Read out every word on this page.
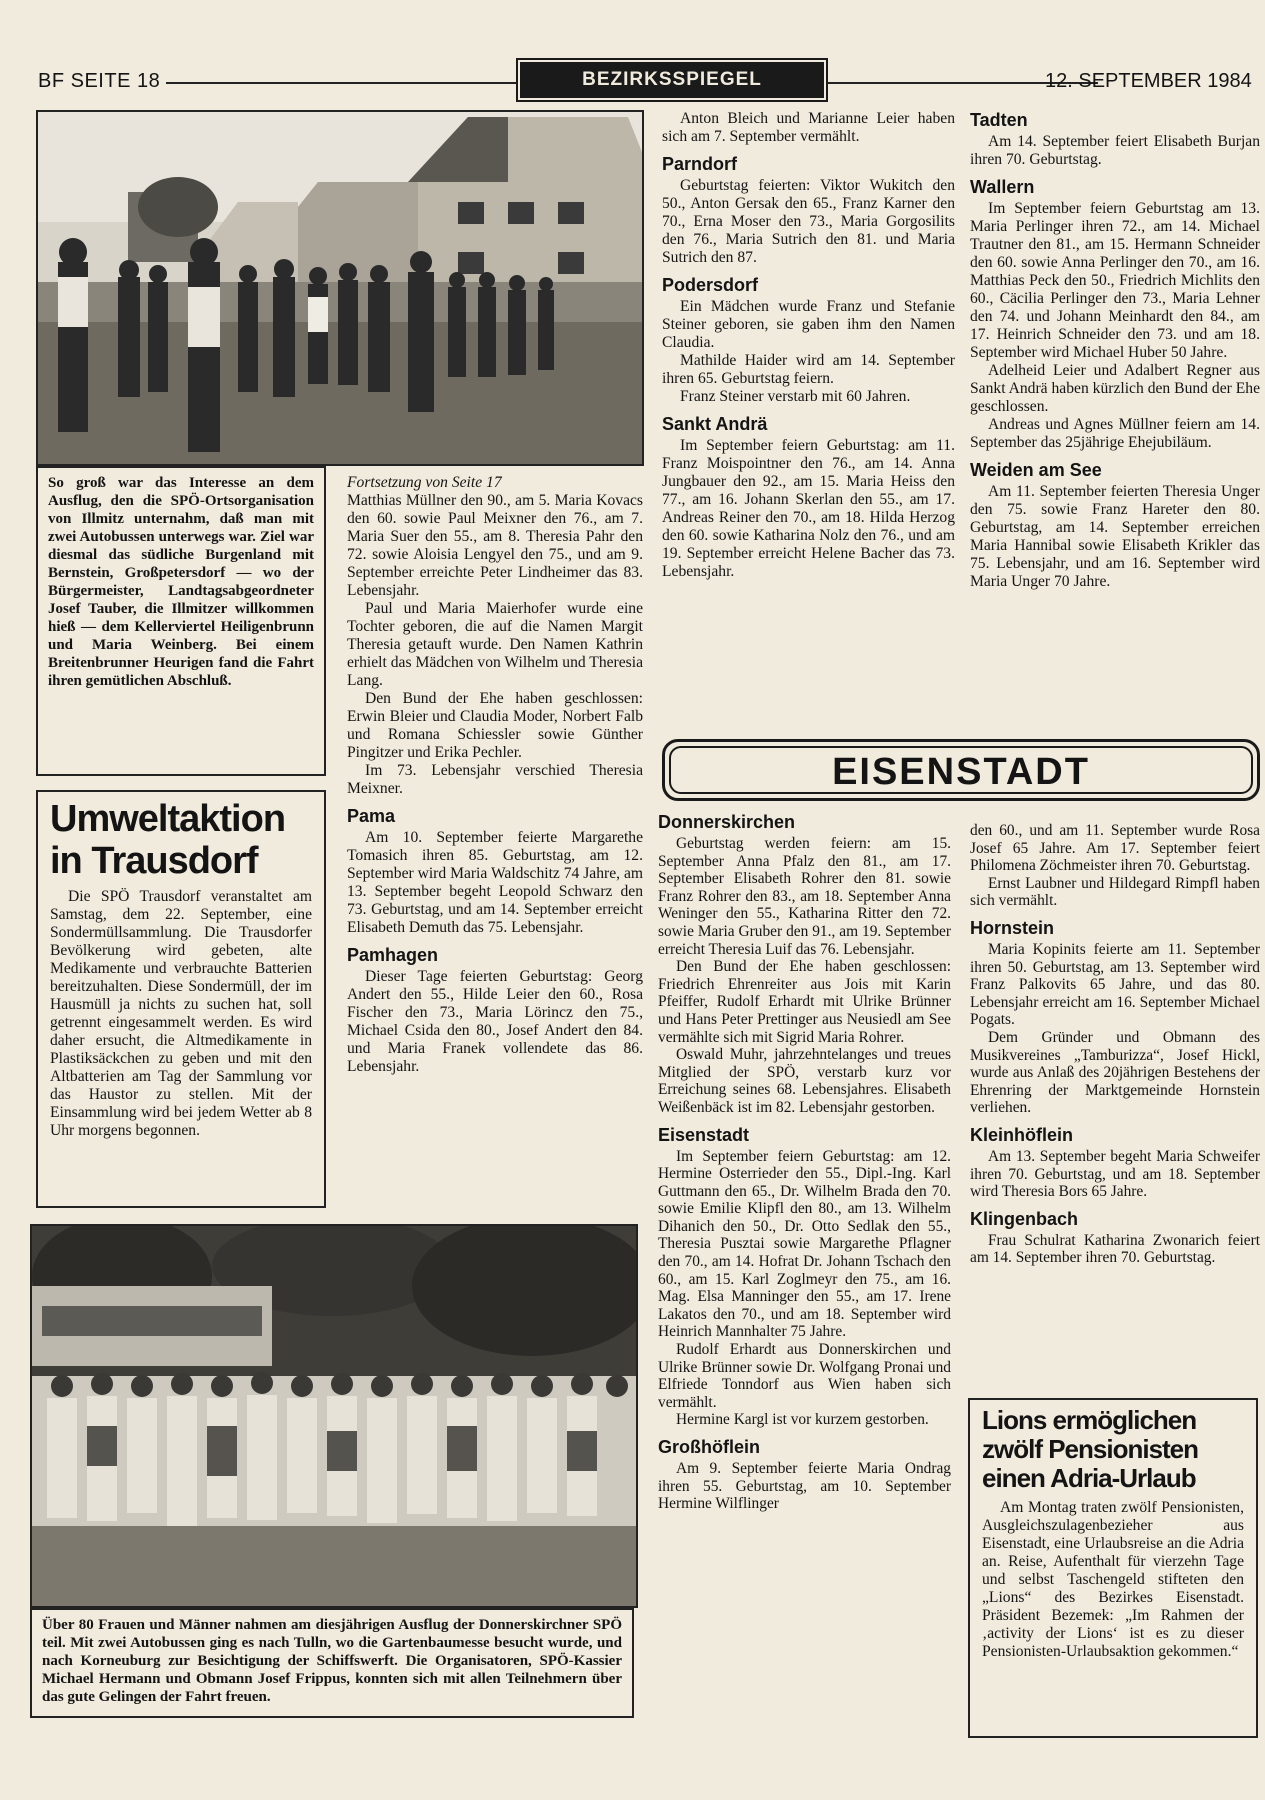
BF SEITE 18	BEZIRKSSPIEGEL	12. SEPTEMBER 1984
So groß war das Interesse an dem Ausflug, den die SPÖ-Ortsorganisation von Illmitz unternahm, daß man mit zwei Autobussen unterwegs war. Ziel war diesmal das südliche Burgenland mit Bernstein, Großpetersdorf — wo der Bürgermeister, Landtagsabgeordneter Josef Tauber, die Illmitzer willkommen hieß — dem Kellerviertel Heiligenbrunn und Maria Weinberg. Bei einem Breitenbrunner Heurigen fand die Fahrt ihren gemütlichen Abschluß.
Umweltaktion
in Trausdorf

Die SPÖ Trausdorf veranstaltet am Samstag, dem 22. September, eine Sondermüllsammlung. Die Trausdorfer Bevölkerung wird gebeten, alte Medikamente und verbrauchte Batterien bereitzuhalten. Diese Sondermüll, der im Hausmüll ja nichts zu suchen hat, soll getrennt eingesammelt werden. Es wird daher ersucht, die Altmedikamente in Plastiksäckchen zu geben und mit den Altbatterien am Tag der Sammlung vor das Haustor zu stellen. Mit der Einsammlung wird bei jedem Wetter ab 8 Uhr morgens begonnen.

Fortsetzung von Seite 17

Matthias Müllner den 90., am 5. Maria Kovacs den 60. sowie Paul Meixner den 76., am 7. Maria Suer den 55., am 8. Theresia Pahr den 72. sowie Aloisia Lengyel den 75., und am 9. September erreichte Peter Lindheimer das 83. Lebensjahr.

Paul und Maria Maierhofer wurde eine Tochter geboren, die auf die Namen Margit Theresia getauft wurde. Den Namen Kathrin erhielt das Mädchen von Wilhelm und Theresia Lang.

Den Bund der Ehe haben geschlossen: Erwin Bleier und Claudia Moder, Norbert Falb und Romana Schiessler sowie Günther Pingitzer und Erika Pechler.

Im 73. Lebensjahr verschied Theresia Meixner.

Pama

Am 10. September feierte Margarethe Tomasich ihren 85. Geburtstag, am 12. September wird Maria Waldschitz 74 Jahre, am 13. September begeht Leopold Schwarz den 73. Geburtstag, und am 14. September erreicht Elisabeth Demuth das 75. Lebensjahr.

Pamhagen

Dieser Tage feierten Geburtstag: Georg Andert den 55., Hilde Leier den 60., Rosa Fischer den 73., Maria Lörincz den 75., Michael Csida den 80., Josef Andert den 84. und Maria Franek vollendete das 86. Lebensjahr.

Über 80 Frauen und Männer nahmen am diesjährigen Ausflug der Donnerskirchner SPÖ teil. Mit zwei Autobussen ging es nach Tulln, wo die Gartenbaumesse besucht wurde, und nach Korneuburg zur Besichtigung der Schiffswerft. Die Organisatoren, SPÖ-Kassier Michael Hermann und Obmann Josef Frippus, konnten sich mit allen Teilnehmern über das gute Gelingen der Fahrt freuen.

Anton Bleich und Marianne Leier haben sich am 7. September vermählt.

Parndorf

Geburtstag feierten: Viktor Wukitch den 50., Anton Gersak den 65., Franz Karner den 70., Erna Moser den 73., Maria Gorgosilits den 76., Maria Sutrich den 81. und Maria Sutrich den 87.

Podersdorf

Ein Mädchen wurde Franz und Stefanie Steiner geboren, sie gaben ihm den Namen Claudia.

Mathilde Haider wird am 14. September ihren 65. Geburtstag feiern.

Franz Steiner verstarb mit 60 Jahren.

Sankt Andrä

Im September feiern Geburtstag: am 11. Franz Moispointner den 76., am 14. Anna Jungbauer den 92., am 15. Maria Heiss den 77., am 16. Johann Skerlan den 55., am 17. Andreas Reiner den 70., am 18. Hilda Herzog den 60. sowie Katharina Nolz den 76., und am 19. September erreicht Helene Bacher das 73. Lebensjahr.

Tadten

Am 14. September feiert Elisabeth Burjan ihren 70. Geburtstag.

Wallern

Im September feiern Geburtstag am 13. Maria Perlinger ihren 72., am 14. Michael Trautner den 81., am 15. Hermann Schneider den 60. sowie Anna Perlinger den 70., am 16. Matthias Peck den 50., Friedrich Michlits den 60., Cäcilia Perlinger den 73., Maria Lehner den 74. und Johann Meinhardt den 84., am 17. Heinrich Schneider den 73. und am 18. September wird Michael Huber 50 Jahre.

Adelheid Leier und Adalbert Regner aus Sankt Andrä haben kürzlich den Bund der Ehe geschlossen.

Andreas und Agnes Müllner feiern am 14. September das 25jährige Ehejubiläum.

Weiden am See

Am 11. September feierten Theresia Unger den 75. sowie Franz Hareter den 80. Geburtstag, am 14. September erreichen Maria Hannibal sowie Elisabeth Krikler das 75. Lebensjahr, und am 16. September wird Maria Unger 70 Jahre.

EISENSTADT
Donnerskirchen

Geburtstag werden feiern: am 15. September Anna Pfalz den 81., am 17. September Elisabeth Rohrer den 81. sowie Franz Rohrer den 83., am 18. September Anna Weninger den 55., Katharina Ritter den 72. sowie Maria Gruber den 91., am 19. September erreicht Theresia Luif das 76. Lebensjahr.

Den Bund der Ehe haben geschlossen: Friedrich Ehrenreiter aus Jois mit Karin Pfeiffer, Rudolf Erhardt mit Ulrike Brünner und Hans Peter Prettinger aus Neusiedl am See vermählte sich mit Sigrid Maria Rohrer.

Oswald Muhr, jahrzehntelanges und treues Mitglied der SPÖ, verstarb kurz vor Erreichung seines 68. Lebensjahres. Elisabeth Weißenbäck ist im 82. Lebensjahr gestorben.

Eisenstadt

Im September feiern Geburtstag: am 12. Hermine Osterrieder den 55., Dipl.-Ing. Karl Guttmann den 65., Dr. Wilhelm Brada den 70. sowie Emilie Klipfl den 80., am 13. Wilhelm Dihanich den 50., Dr. Otto Sedlak den 55., Theresia Pusztai sowie Margarethe Pflagner den 70., am 14. Hofrat Dr. Johann Tschach den 60., am 15. Karl Zoglmeyr den 75., am 16. Mag. Elsa Manninger den 55., am 17. Irene Lakatos den 70., und am 18. September wird Heinrich Mannhalter 75 Jahre.

Rudolf Erhardt aus Donnerskirchen und Ulrike Brünner sowie Dr. Wolfgang Pronai und Elfriede Tonndorf aus Wien haben sich vermählt.

Hermine Kargl ist vor kurzem gestorben.

Großhöflein

Am 9. September feierte Maria Ondrag ihren 55. Geburtstag, am 10. September Hermine Wilflinger

den 60., und am 11. September wurde Rosa Josef 65 Jahre. Am 17. September feiert Philomena Zöchmeister ihren 70. Geburtstag.

Ernst Laubner und Hildegard Rimpfl haben sich vermählt.

Hornstein

Maria Kopinits feierte am 11. September ihren 50. Geburtstag, am 13. September wird Franz Palkovits 65 Jahre, und das 80. Lebensjahr erreicht am 16. September Michael Pogats.

Dem Gründer und Obmann des Musikvereines „Tamburizza“, Josef Hickl, wurde aus Anlaß des 20jährigen Bestehens der Ehrenring der Marktgemeinde Hornstein verliehen.

Kleinhöflein

Am 13. September begeht Maria Schweifer ihren 70. Geburtstag, und am 18. September wird Theresia Bors 65 Jahre.

Klingenbach

Frau Schulrat Katharina Zwonarich feiert am 14. September ihren 70. Geburtstag.

Lions ermöglichen
zwölf Pensionisten
einen Adria-Urlaub

Am Montag traten zwölf Pensionisten, Ausgleichszulagenbezieher aus Eisenstadt, eine Urlaubsreise an die Adria an. Reise, Aufenthalt für vierzehn Tage und selbst Taschengeld stifteten den „Lions“ des Bezirkes Eisenstadt. Präsident Bezemek: „Im Rahmen der ‚activity der Lions‘ ist es zu dieser Pensionisten-Urlaubsaktion gekommen.“
